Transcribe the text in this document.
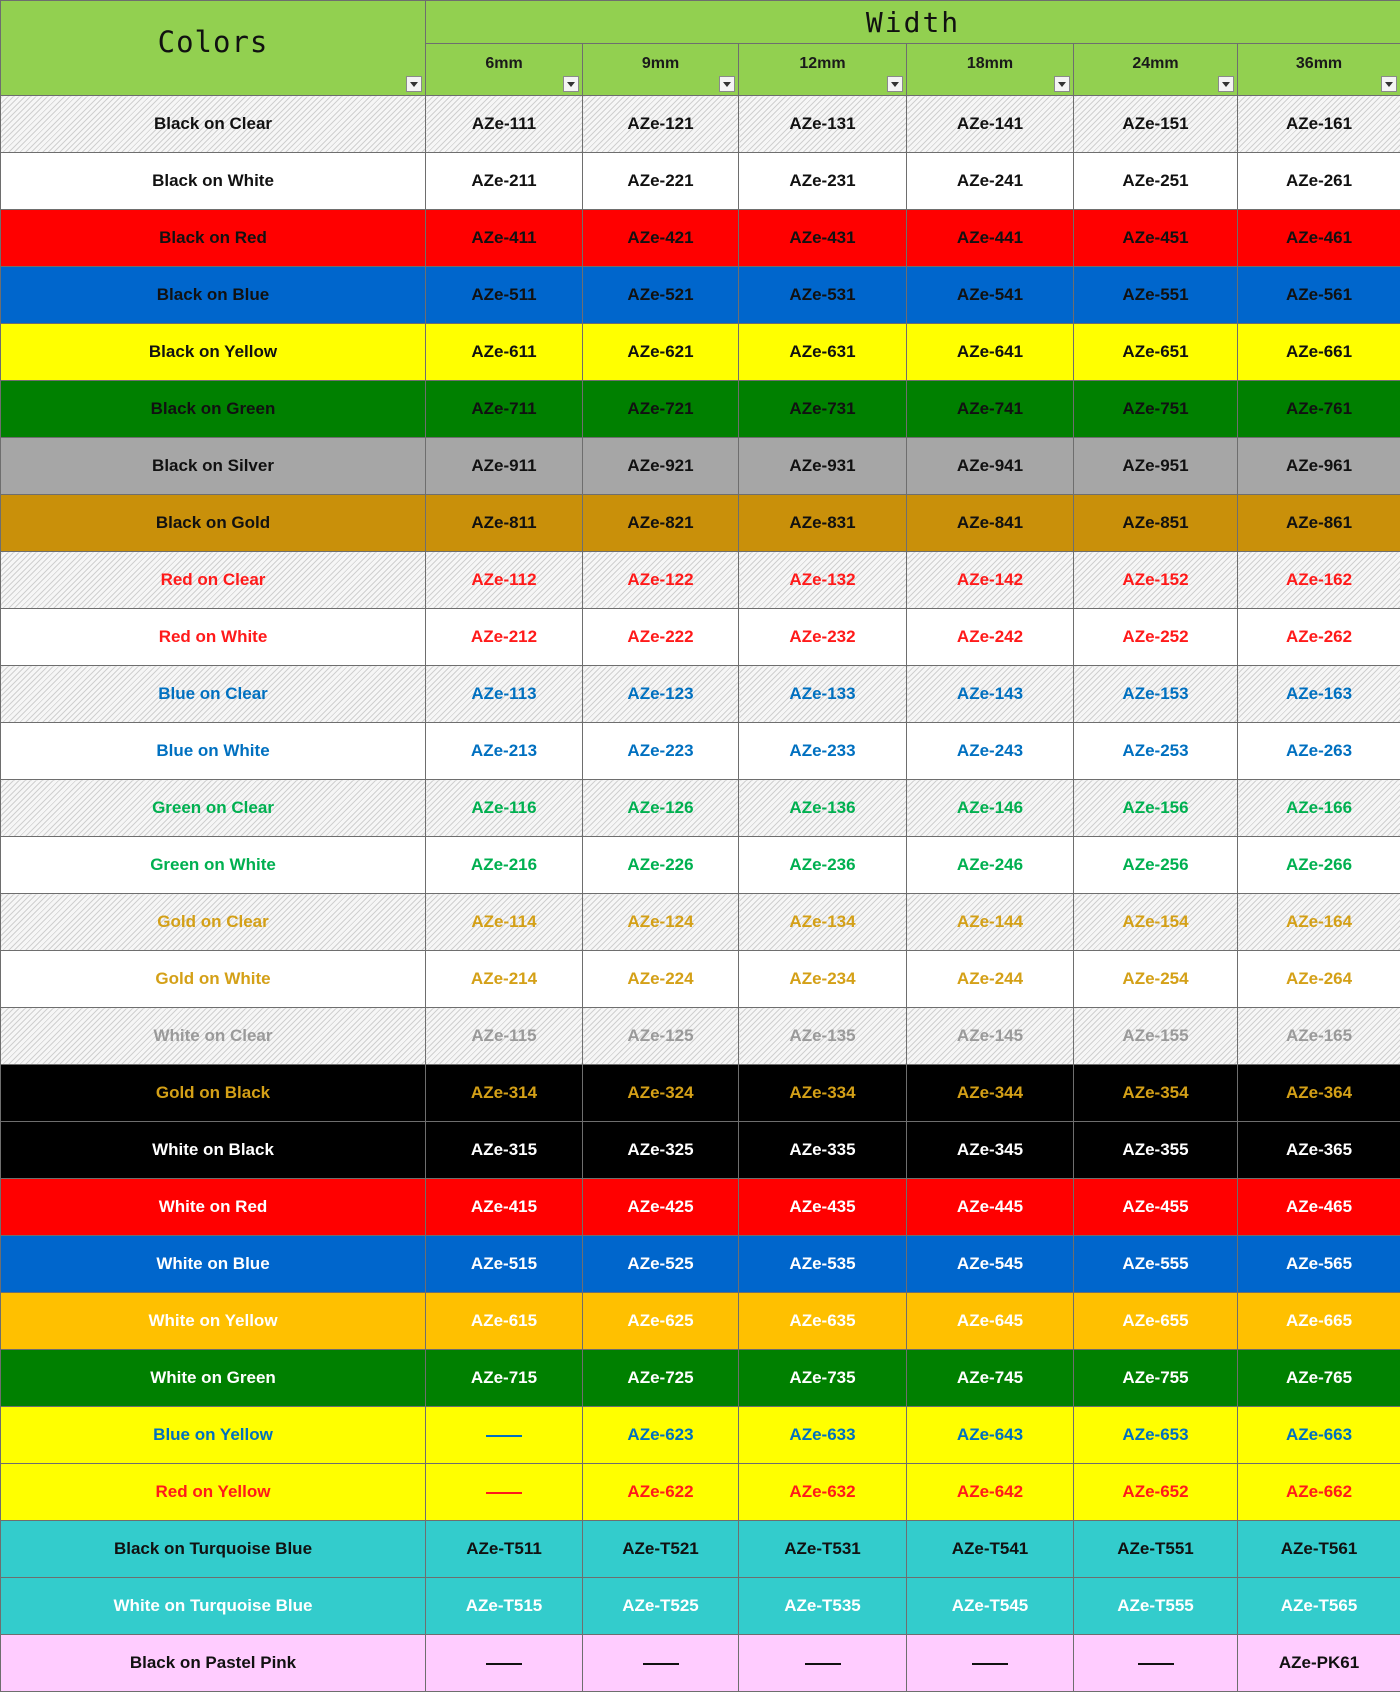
Colors	Width					
	6mm	9mm	12mm	18mm	24mm	36mm

Black on Clear	AZe-111	AZe-121	AZe-131	AZe-141	AZe-151	AZe-161
Black on White	AZe-211	AZe-221	AZe-231	AZe-241	AZe-251	AZe-261
Black on Red	AZe-411	AZe-421	AZe-431	AZe-441	AZe-451	AZe-461
Black on Blue	AZe-511	AZe-521	AZe-531	AZe-541	AZe-551	AZe-561
Black on Yellow	AZe-611	AZe-621	AZe-631	AZe-641	AZe-651	AZe-661
Black on Green	AZe-711	AZe-721	AZe-731	AZe-741	AZe-751	AZe-761
Black on Silver	AZe-911	AZe-921	AZe-931	AZe-941	AZe-951	AZe-961
Black on Gold	AZe-811	AZe-821	AZe-831	AZe-841	AZe-851	AZe-861
Red on Clear	AZe-112	AZe-122	AZe-132	AZe-142	AZe-152	AZe-162
Red on White	AZe-212	AZe-222	AZe-232	AZe-242	AZe-252	AZe-262
Blue on Clear	AZe-113	AZe-123	AZe-133	AZe-143	AZe-153	AZe-163
Blue on White	AZe-213	AZe-223	AZe-233	AZe-243	AZe-253	AZe-263
Green on Clear	AZe-116	AZe-126	AZe-136	AZe-146	AZe-156	AZe-166
Green on White	AZe-216	AZe-226	AZe-236	AZe-246	AZe-256	AZe-266
Gold on Clear	AZe-114	AZe-124	AZe-134	AZe-144	AZe-154	AZe-164
Gold on White	AZe-214	AZe-224	AZe-234	AZe-244	AZe-254	AZe-264
White on Clear	AZe-115	AZe-125	AZe-135	AZe-145	AZe-155	AZe-165
Gold on Black	AZe-314	AZe-324	AZe-334	AZe-344	AZe-354	AZe-364
White on Black	AZe-315	AZe-325	AZe-335	AZe-345	AZe-355	AZe-365
White on Red	AZe-415	AZe-425	AZe-435	AZe-445	AZe-455	AZe-465
White on Blue	AZe-515	AZe-525	AZe-535	AZe-545	AZe-555	AZe-565
White on Yellow	AZe-615	AZe-625	AZe-635	AZe-645	AZe-655	AZe-665
White on Green	AZe-715	AZe-725	AZe-735	AZe-745	AZe-755	AZe-765
Blue on Yellow		AZe-623	AZe-633	AZe-643	AZe-653	AZe-663
Red on Yellow		AZe-622	AZe-632	AZe-642	AZe-652	AZe-662
Black on Turquoise Blue	AZe-T511	AZe-T521	AZe-T531	AZe-T541	AZe-T551	AZe-T561
White on Turquoise Blue	AZe-T515	AZe-T525	AZe-T535	AZe-T545	AZe-T555	AZe-T565
Black on Pastel Pink						AZe-PK61
